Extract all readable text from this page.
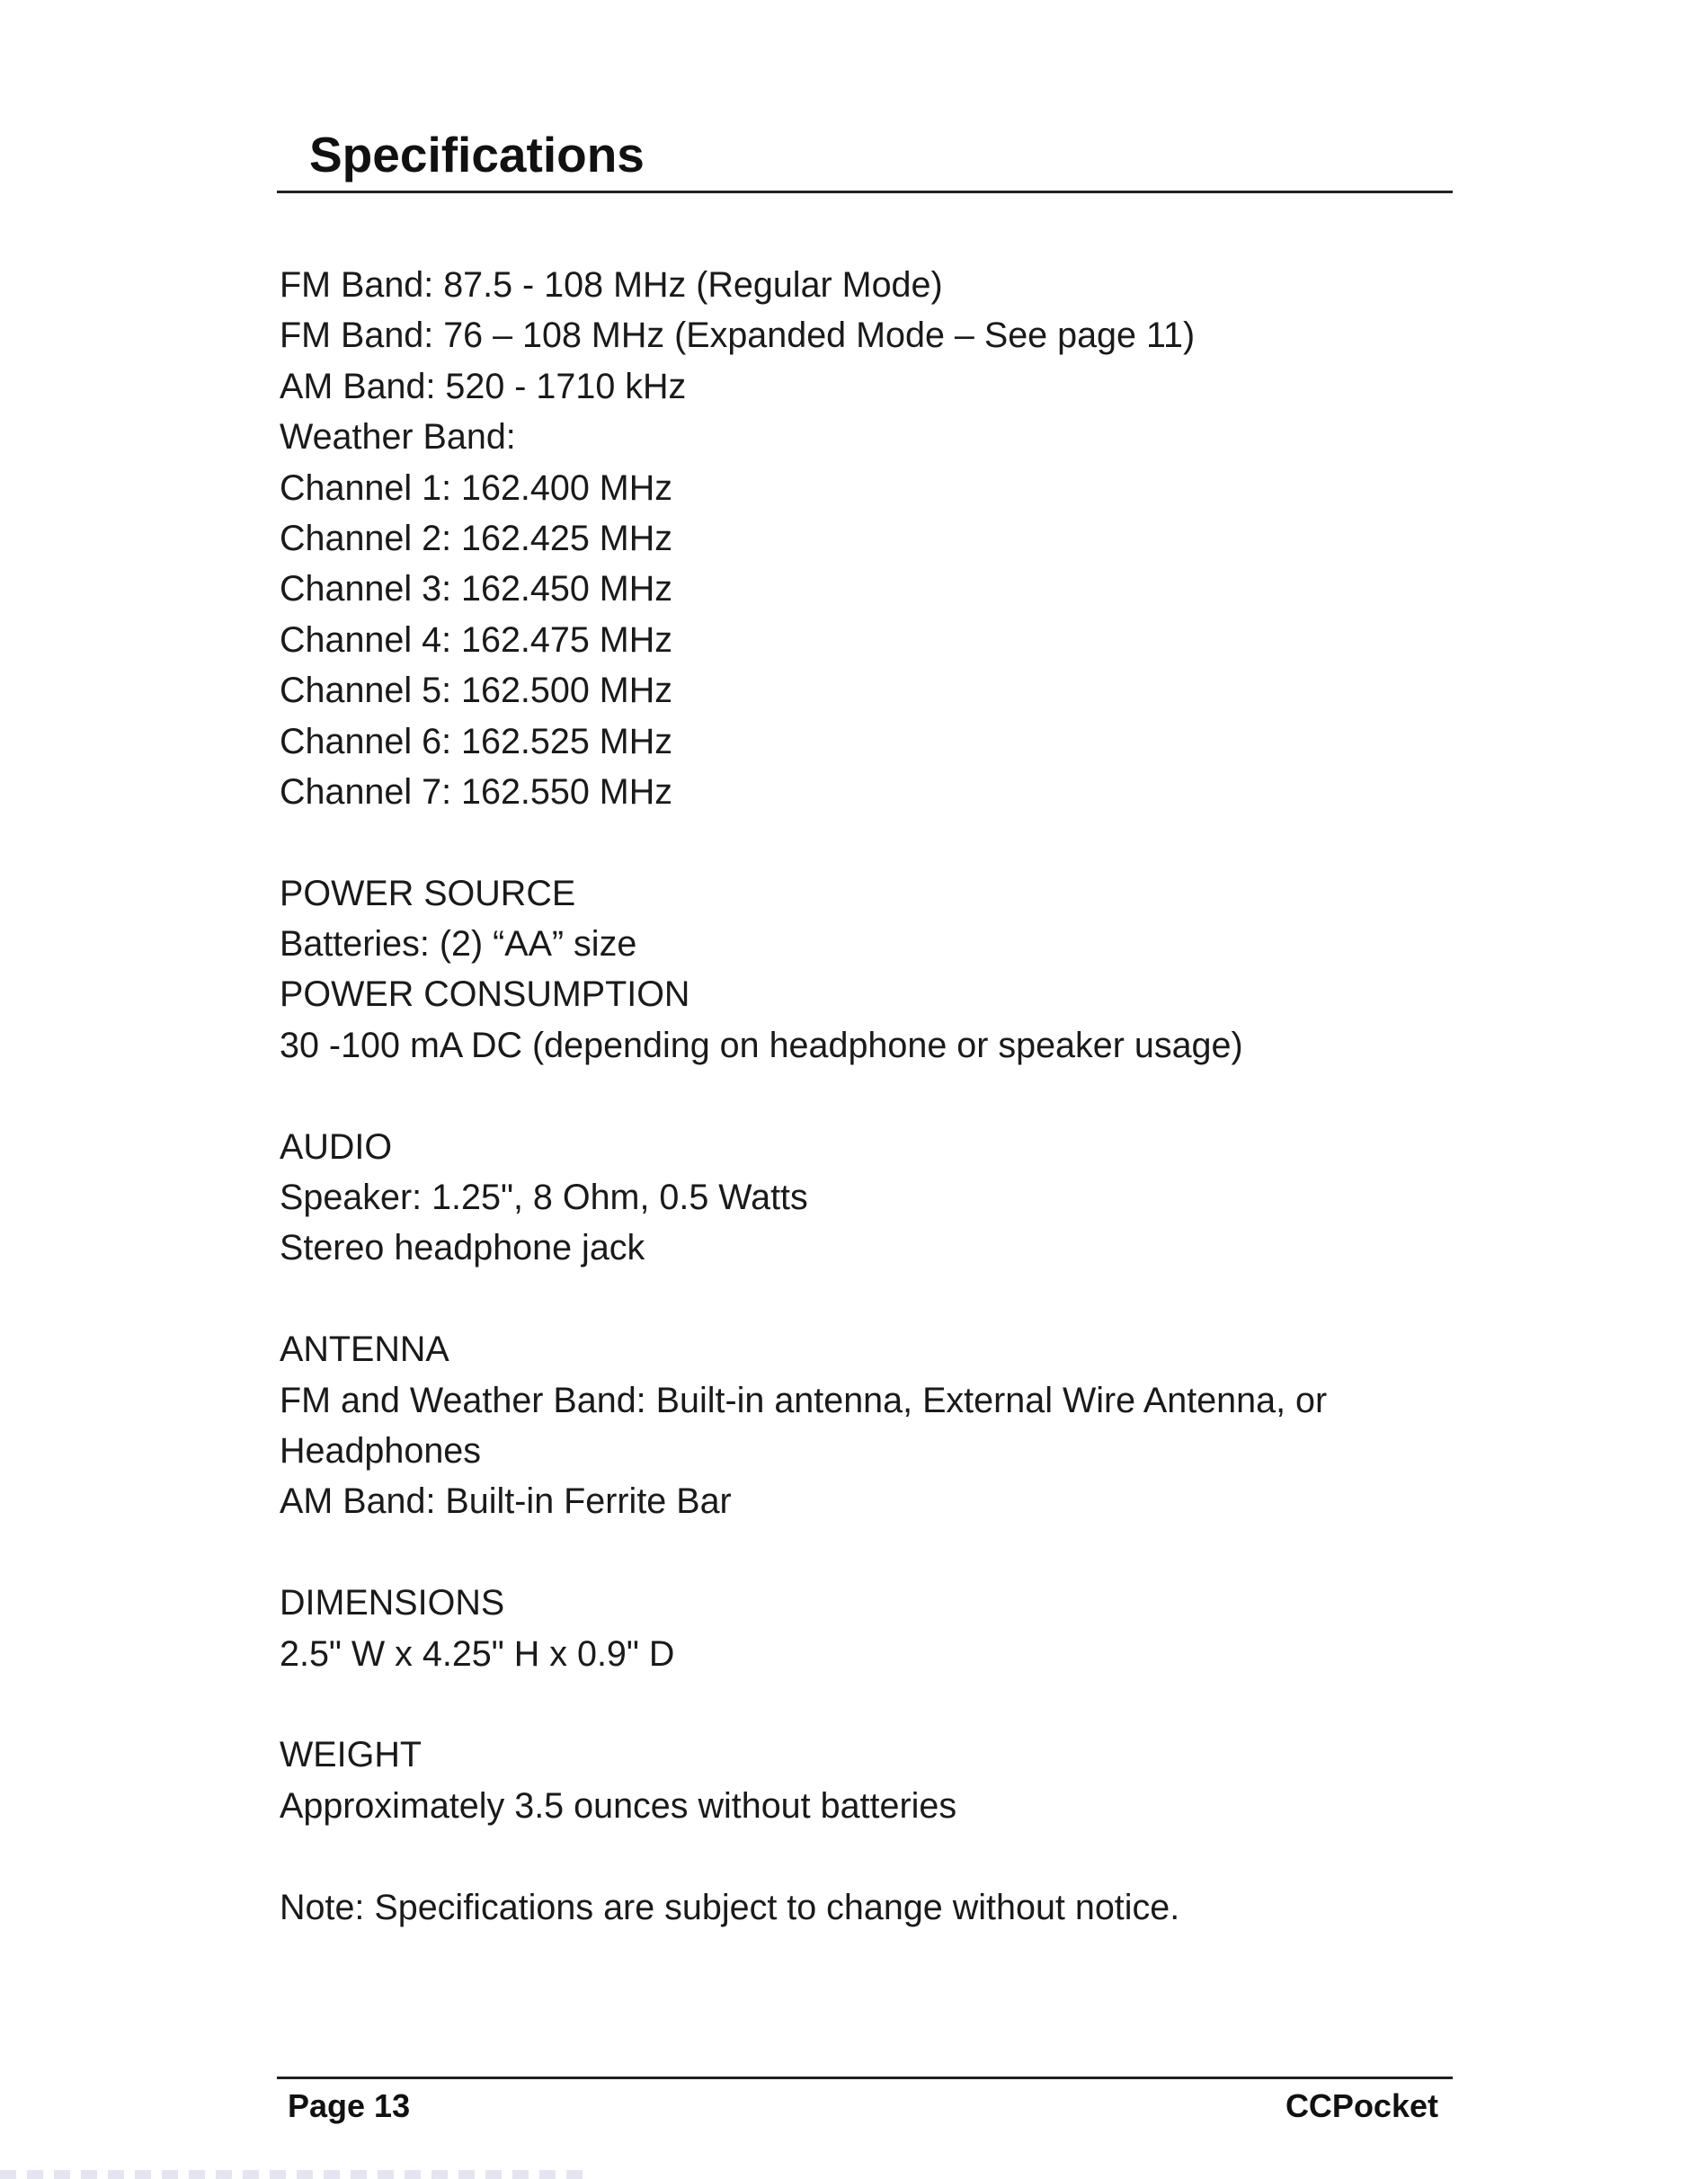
Specifications
FM Band: 87.5 - 108 MHz (Regular Mode)
FM Band: 76 – 108 MHz (Expanded Mode – See page 11)
AM Band: 520 - 1710 kHz
Weather Band:
Channel 1: 162.400 MHz
Channel 2: 162.425 MHz
Channel 3: 162.450 MHz
Channel 4: 162.475 MHz
Channel 5: 162.500 MHz
Channel 6: 162.525 MHz
Channel 7: 162.550 MHz
POWER SOURCE
Batteries: (2) “AA” size
POWER CONSUMPTION
30 -100 mA DC (depending on headphone or speaker usage)
AUDIO
Speaker: 1.25", 8 Ohm, 0.5 Watts
Stereo headphone jack
ANTENNA
FM and Weather Band: Built-in antenna, External Wire Antenna, or
Headphones
AM Band: Built-in Ferrite Bar
DIMENSIONS
2.5" W x 4.25" H x 0.9" D
WEIGHT
Approximately 3.5 ounces without batteries
Note: Specifications are subject to change without notice.
Page 13	CCPocket
